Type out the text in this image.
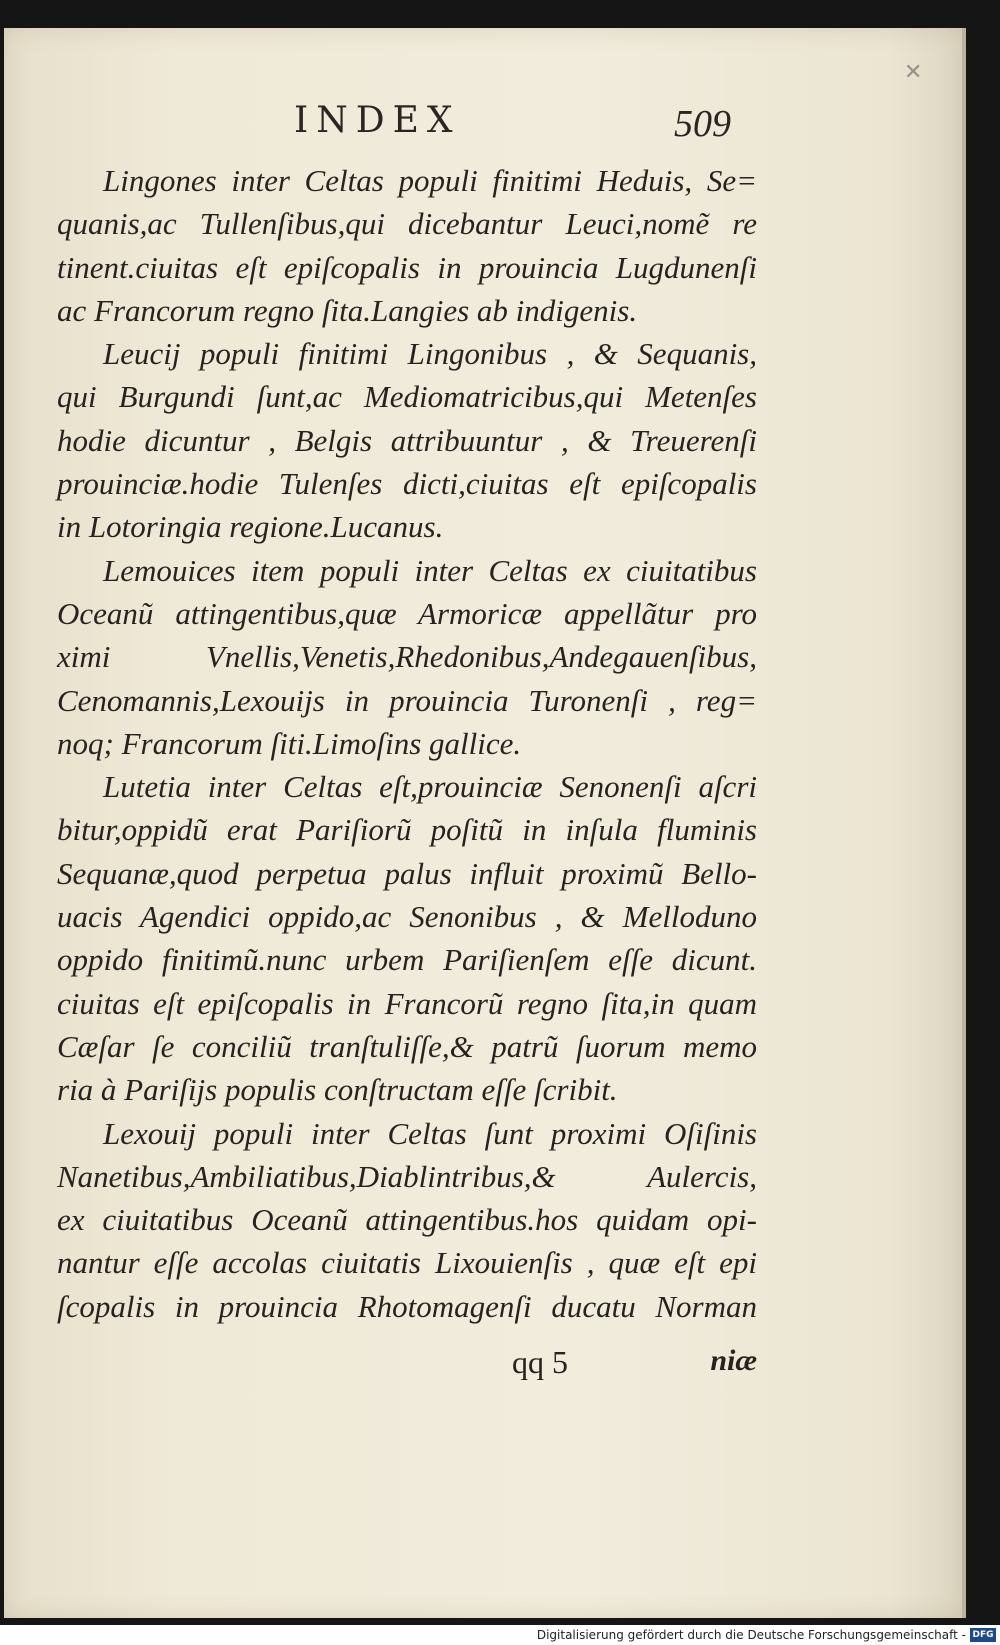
✕
INDEX	509
Lingones inter Celtas populi finitimi Heduis, Se=
quanis,ac Tullenſibus,qui dicebantur Leuci,nomẽ re
tinent.ciuitas eſt epiſcopalis in prouincia Lugdunenſi
ac Francorum regno ſita.Langies ab indigenis.
Leucij populi finitimi Lingonibus , & Sequanis,
qui Burgundi ſunt,ac Mediomatricibus,qui Metenſes
hodie dicuntur , Belgis attribuuntur , & Treuerenſi
prouinciæ.hodie Tulenſes dicti,ciuitas eſt epiſcopalis
in Lotoringia regione.Lucanus.
Lemouices item populi inter Celtas ex ciuitatibus
Oceanũ attingentibus,quæ Armoricæ appellãtur pro
ximi Vnellis,Venetis,Rhedonibus,Andegauenſibus,
Cenomannis,Lexouijs in prouincia Turonenſi , reg=
noq; Francorum ſiti.Limoſins gallice.
Lutetia inter Celtas eſt,prouinciæ Senonenſi aſcri
bitur,oppidũ erat Pariſiorũ poſitũ in inſula fluminis
Sequanæ,quod perpetua palus influit proximũ Bello-
uacis Agendici oppido,ac Senonibus , & Melloduno
oppido finitimũ.nunc urbem Pariſienſem eſſe dicunt.
ciuitas eſt epiſcopalis in Francorũ regno ſita,in quam
Cæſar ſe conciliũ tranſtuliſſe,& patrũ ſuorum memo
ria à Pariſijs populis conſtructam eſſe ſcribit.
Lexouij populi inter Celtas ſunt proximi Oſiſinis
Nanetibus,Ambiliatibus,Diablintribus,& Aulercis,
ex ciuitatibus Oceanũ attingentibus.hos quidam opi-
nantur eſſe accolas ciuitatis Lixouienſis , quæ eſt epi
ſcopalis in prouincia Rhotomagenſi ducatu Norman
qq 5	niæ
Digitalisierung gefördert durch die Deutsche Forschungsgemeinschaft - DFG
